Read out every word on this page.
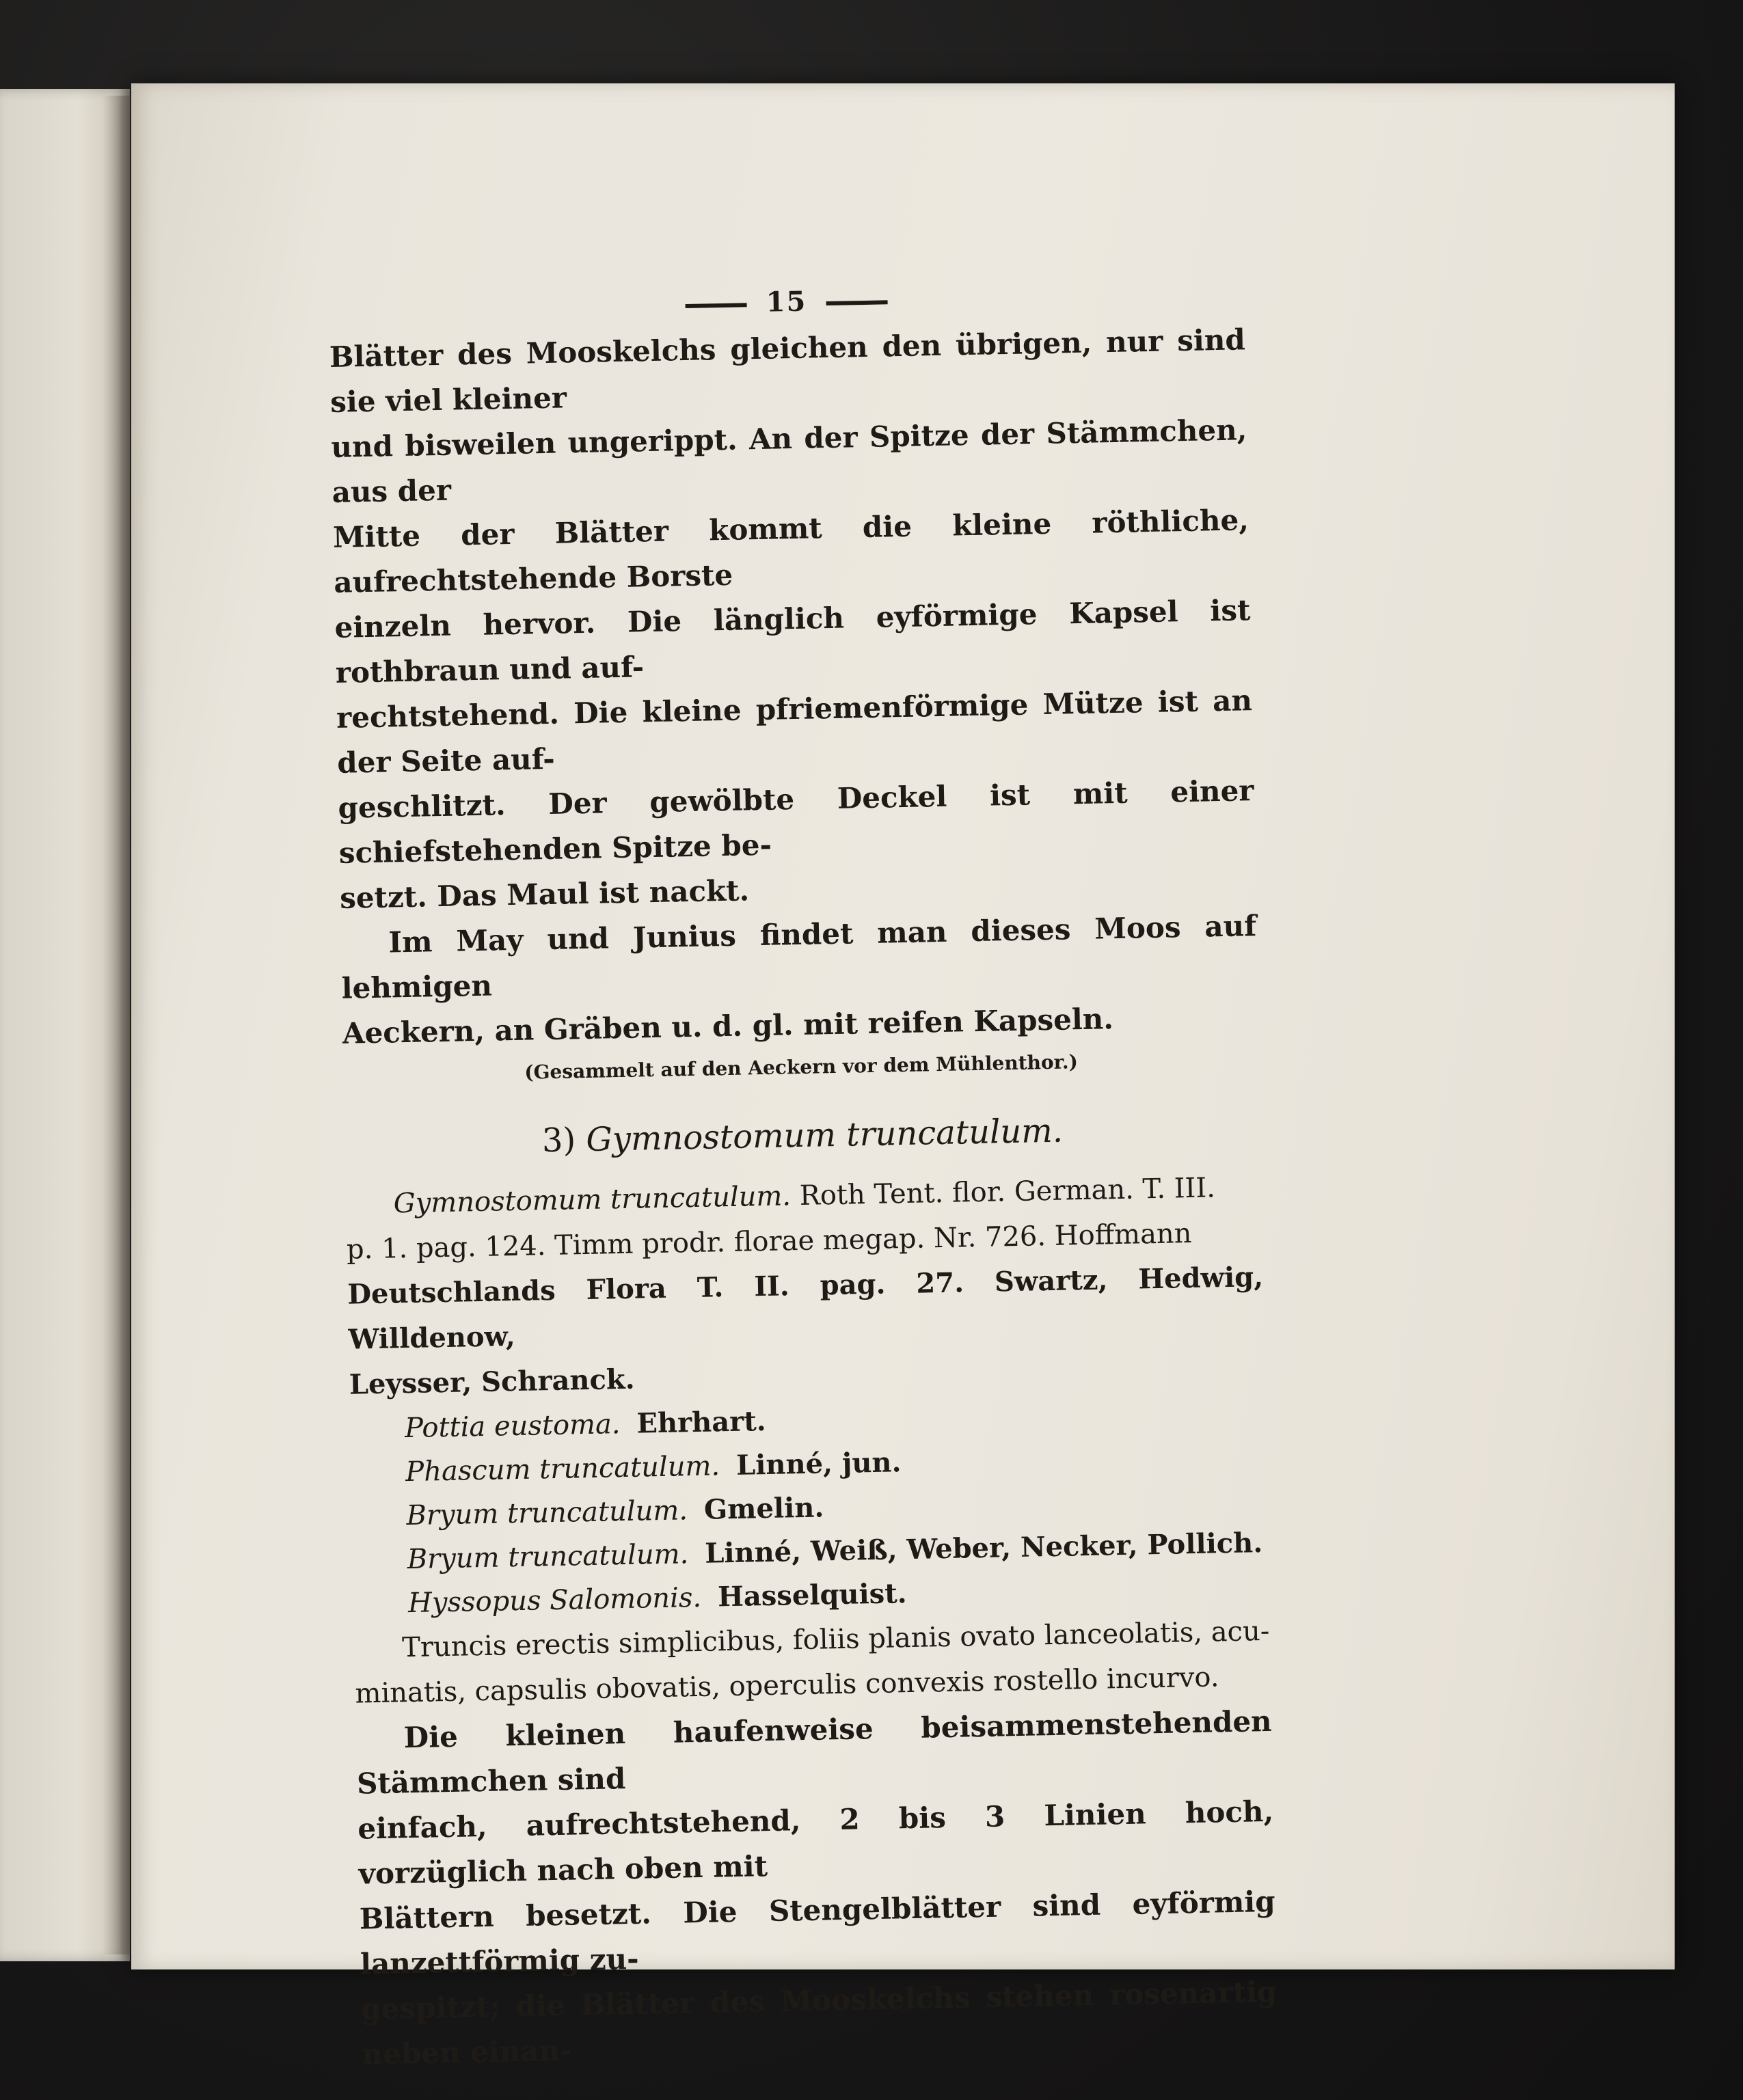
15

Blätter des Mooskelchs gleichen den übrigen, nur sind sie viel kleiner

und bisweilen ungerippt. An der Spitze der Stämmchen, aus der

Mitte der Blätter kommt die kleine röthliche, aufrechtstehende Borste

einzeln hervor. Die länglich eyförmige Kapsel ist rothbraun und auf-

rechtstehend. Die kleine pfriemenförmige Mütze ist an der Seite auf-

geschlitzt. Der gewölbte Deckel ist mit einer schiefstehenden Spitze be-

setzt. Das Maul ist nackt.

Im May und Junius findet man dieses Moos auf lehmigen

Aeckern, an Gräben u. d. gl. mit reifen Kapseln.

(Gesammelt auf den Aeckern vor dem Mühlenthor.)

3) Gymnostomum truncatulum.

Gymnostomum truncatulum. Roth Tent. flor. German. T. III.

p. 1. pag. 124. Timm prodr. florae megap. Nr. 726. Hoffmann

Deutschlands Flora T. II. pag. 27. Swartz, Hedwig, Willdenow,

Leysser, Schranck.

Pottia eustoma. Ehrhart.

Phascum truncatulum. Linné, jun.

Bryum truncatulum. Gmelin.

Bryum truncatulum. Linné, Weiß, Weber, Necker, Pollich.

Hyssopus Salomonis. Hasselquist.

Truncis erectis simplicibus, foliis planis ovato lanceolatis, acu-

minatis, capsulis obovatis, operculis convexis rostello incurvo.

Die kleinen haufenweise beisammenstehenden Stämmchen sind

einfach, aufrechtstehend, 2 bis 3 Linien hoch, vorzüglich nach oben mit

Blättern besetzt. Die Stengelblätter sind eyförmig lanzettförmig zu-

gespitzt; die Blätter des Mooskelchs stehen rosenartig neben einan-
